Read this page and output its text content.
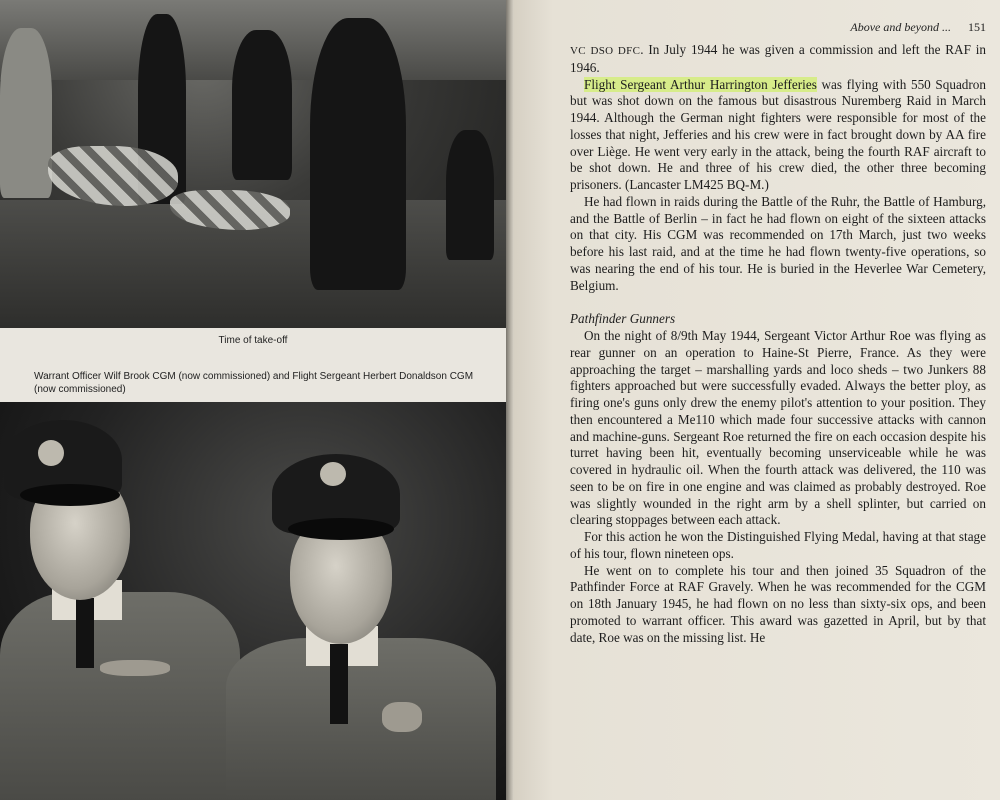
Time of take-off
Warrant Officer Wilf Brook CGM (now commissioned) and Flight Sergeant Herbert Donaldson CGM (now commissioned)
Above and beyond ... 151

VC DSO DFC. In July 1944 he was given a commission and left the RAF in 1946.

Flight Sergeant Arthur Harrington Jefferies was flying with 550 Squadron but was shot down on the famous but disastrous Nuremberg Raid in March 1944. Although the German night fighters were responsible for most of the losses that night, Jefferies and his crew were in fact brought down by AA fire over Liège. He went very early in the attack, being the fourth RAF aircraft to be shot down. He and three of his crew died, the other three becoming prisoners. (Lancaster LM425 BQ-M.)

He had flown in raids during the Battle of the Ruhr, the Battle of Hamburg, and the Battle of Berlin – in fact he had flown on eight of the sixteen attacks on that city. His CGM was recommended on 17th March, just two weeks before his last raid, and at the time he had flown twenty-five operations, so was nearing the end of his tour. He is buried in the Heverlee War Cemetery, Belgium.

Pathfinder Gunners

On the night of 8/9th May 1944, Sergeant Victor Arthur Roe was flying as rear gunner on an operation to Haine-St Pierre, France. As they were approaching the target – marshalling yards and loco sheds – two Junkers 88 fighters approached but were successfully evaded. Always the better ploy, as firing one's guns only drew the enemy pilot's attention to your position. They then encountered a Me110 which made four successive attacks with cannon and machine-guns. Sergeant Roe returned the fire on each occasion despite his turret having been hit, eventually becoming unserviceable while he was covered in hydraulic oil. When the fourth attack was delivered, the 110 was seen to be on fire in one engine and was claimed as probably destroyed. Roe was slightly wounded in the right arm by a shell splinter, but carried on clearing stoppages between each attack.

For this action he won the Distinguished Flying Medal, having at that stage of his tour, flown nineteen ops.

He went on to complete his tour and then joined 35 Squadron of the Pathfinder Force at RAF Gravely. When he was recommended for the CGM on 18th January 1945, he had flown on no less than sixty-six ops, and been promoted to warrant officer. This award was gazetted in April, but by that date, Roe was on the missing list. He
